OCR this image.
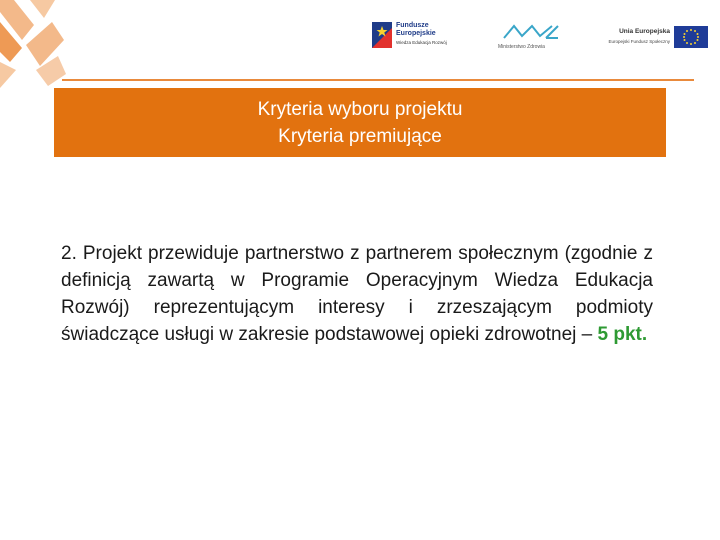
Fundusze
Europejskie
Wiedza Edukacja Rozwój
Ministerstwo Zdrowia
Unia Europejska
Europejski Fundusz Społeczny
Kryteria wyboru projektu
Kryteria premiujące

2. Projekt przewiduje partnerstwo z partnerem społecznym (zgodnie z definicją zawartą w Programie Operacyjnym Wiedza Edukacja Rozwój) reprezentującym interesy i zrzeszającym podmioty świadczące usługi w zakresie podstawowej opieki zdrowotnej – 5 pkt.
